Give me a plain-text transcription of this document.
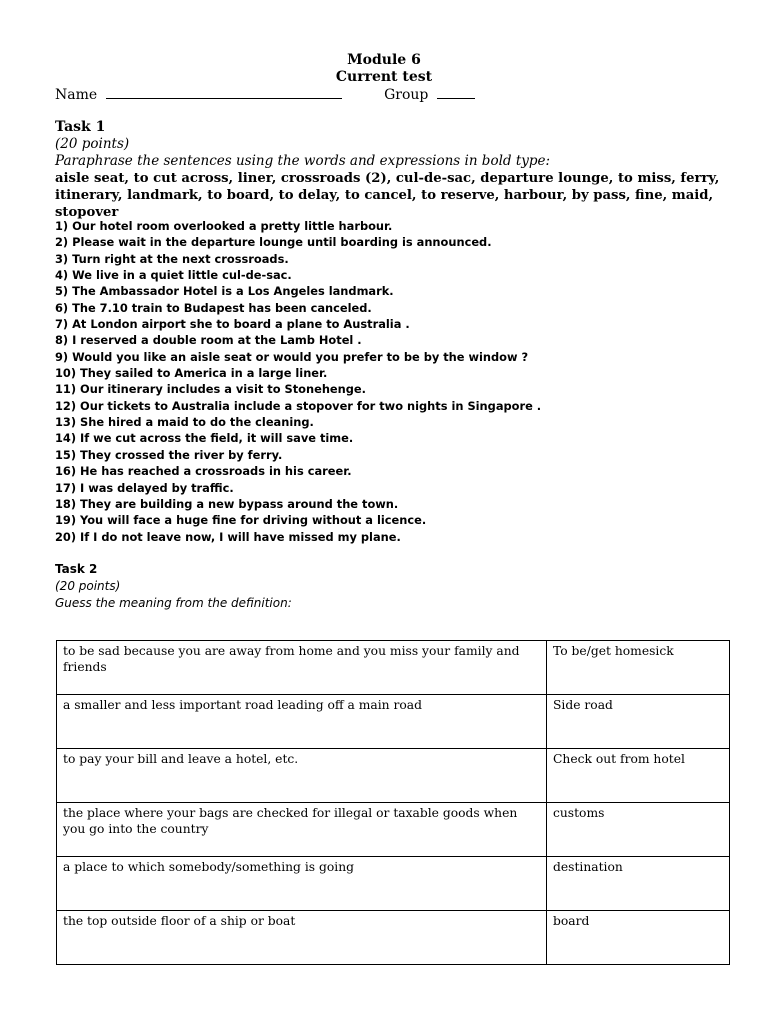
Module 6
Current test
Name	Group
Task 1
(20 points)
Paraphrase the sentences using the words and expressions in bold type:
aisle seat, to cut across, liner, crossroads (2), cul-de-sac, departure lounge, to miss, ferry, itinerary, landmark, to board, to delay, to cancel, to reserve, harbour, by pass, fine, maid, stopover
1) Our hotel room overlooked a pretty little harbour.
2) Please wait in the departure lounge until boarding is announced.
3) Turn right at the next crossroads.
4) We live in a quiet little cul-de-sac.
5) The Ambassador Hotel is a Los Angeles landmark.
6) The 7.10 train to Budapest has been canceled.
7) At London airport she to board a plane to Australia .
8) I reserved a double room at the Lamb Hotel .
9) Would you like an aisle seat or would you prefer to be by the window ?
10) They sailed to America in a large liner.
11) Our itinerary includes a visit to Stonehenge.
12) Our tickets to Australia include a stopover for two nights in Singapore .
13) She hired a maid to do the cleaning.
14) If we cut across the field, it will save time.
15) They crossed the river by ferry.
16) He has reached a crossroads in his career.
17) I was delayed by traffic.
18) They are building a new bypass around the town.
19) You will face a huge fine for driving without a licence.
20) If I do not leave now, I will have missed my plane.
Task 2
(20 points)
Guess the meaning from the definition:
to be sad because you are away from home and you miss your family and friends	To be/get homesick
a smaller and less important road leading off a main road	Side road
to pay your bill and leave a hotel, etc.	Check out from hotel
the place where your bags are checked for illegal or taxable goods when you go into the country	customs
a place to which somebody/something is going	destination
the top outside floor of a ship or boat	board
